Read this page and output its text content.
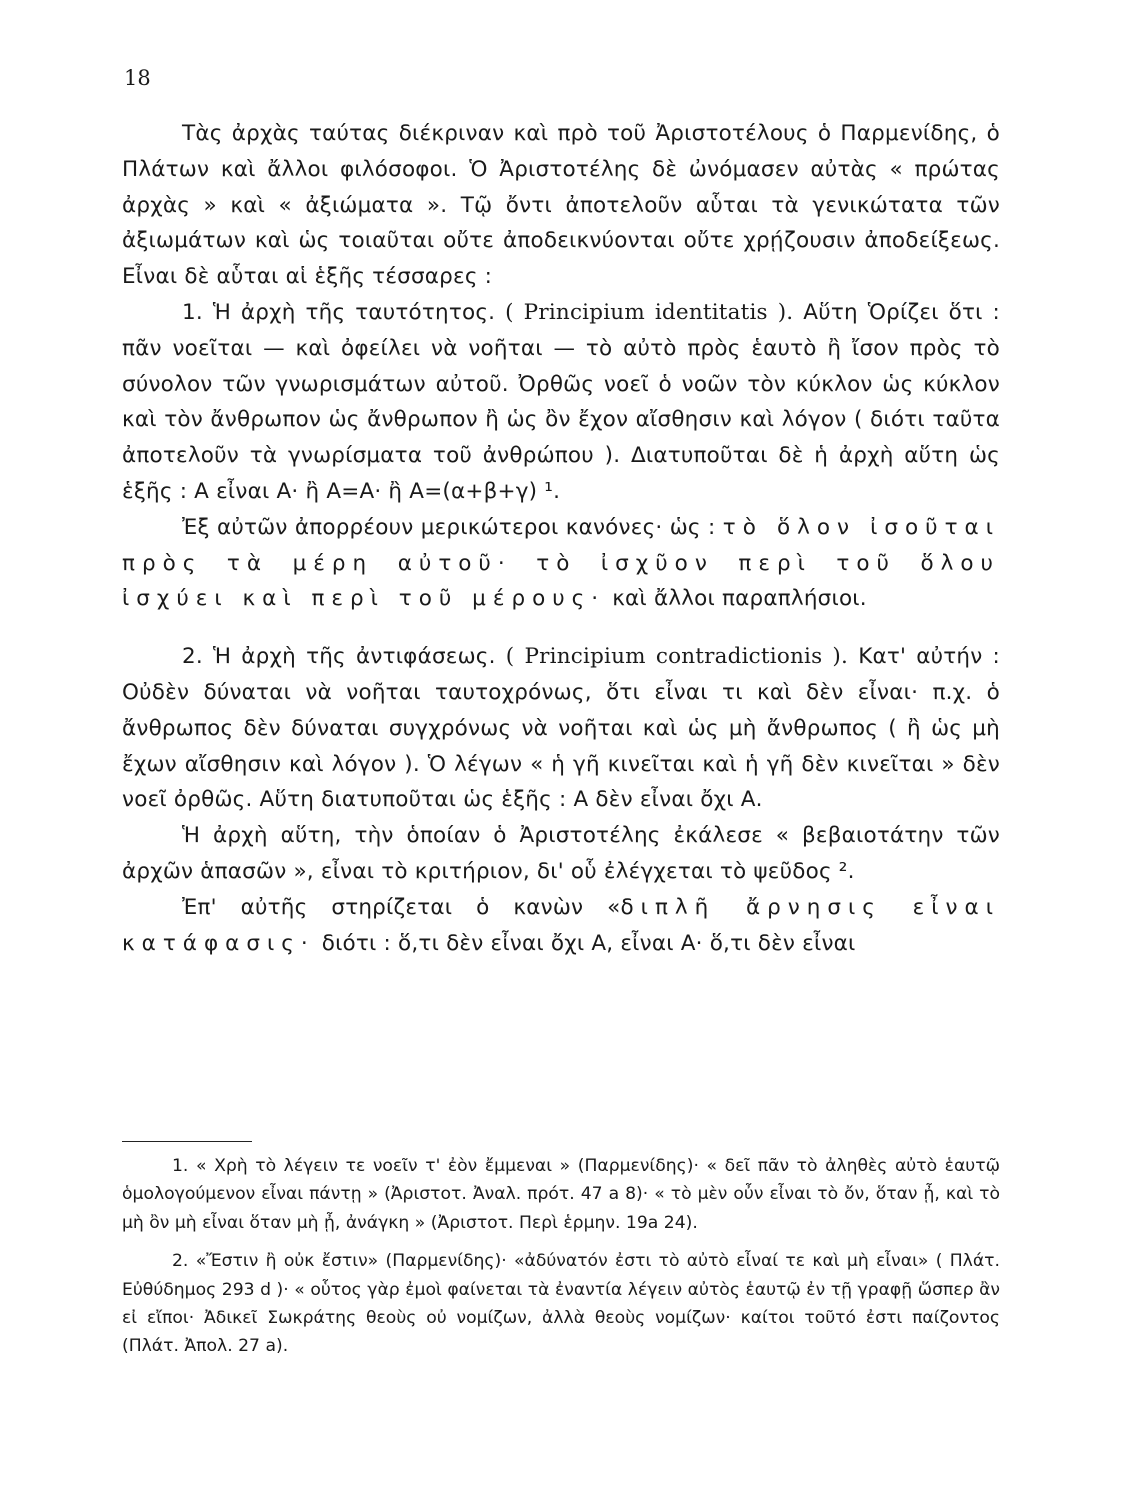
18

Τὰς ἀρχὰς ταύτας διέκριναν καὶ πρὸ τοῦ Ἀριστοτέλους ὁ Παρμενίδης, ὁ Πλάτων καὶ ἄλλοι φιλόσοφοι. Ὁ Ἀριστοτέλης δὲ ὠνόμασεν αὐτὰς « πρώτας ἀρχὰς » καὶ « ἀξιώματα ». Τῷ ὄντι ἀποτελοῦν αὗται τὰ γενικώτατα τῶν ἀξιωμάτων καὶ ὡς τοιαῦται οὔτε ἀποδεικνύονται οὔτε χρῄζουσιν ἀποδείξεως. Εἶναι δὲ αὗται αἱ ἑξῆς τέσσαρες :

1. Ἡ ἀρχὴ τῆς ταυτότητος. ( Principium identitatis ). Αὕτη Ὁρίζει ὅτι : πᾶν νοεῖται — καὶ ὀφείλει νὰ νοῆται — τὸ αὐτὸ πρὸς ἑαυτὸ ἢ ἴσον πρὸς τὸ σύνολον τῶν γνωρισμάτων αὐτοῦ. Ὀρθῶς νοεῖ ὁ νοῶν τὸν κύκλον ὡς κύκλον καὶ τὸν ἄνθρωπον ὡς ἄνθρωπον ἢ ὡς ὂν ἔχον αἴσθησιν καὶ λόγον ( διότι ταῦτα ἀποτελοῦν τὰ γνωρίσματα τοῦ ἀνθρώπου ). Διατυποῦται δὲ ἡ ἀρχὴ αὕτη ὡς ἑξῆς : Α εἶναι Α· ἢ Α=Α· ἢ Α=(α+β+γ) ¹.

Ἐξ αὐτῶν ἀπορρέουν μερικώτεροι κανόνες· ὡς : τὸ ὅλον ἰσοῦται πρὸς τὰ μέρη αὐτοῦ· τὸ ἰσχῦον περὶ τοῦ ὅλου ἰσχύει καὶ περὶ τοῦ μέρους· καὶ ἄλλοι παραπλήσιοι.

2. Ἡ ἀρχὴ τῆς ἀντιφάσεως. ( Principium contradictionis ). Κατ' αὐτήν : Οὐδὲν δύναται νὰ νοῆται ταυτοχρόνως, ὅτι εἶναι τι καὶ δὲν εἶναι· π.χ. ὁ ἄνθρωπος δὲν δύναται συγχρόνως νὰ νοῆται καὶ ὡς μὴ ἄνθρωπος ( ἢ ὡς μὴ ἔχων αἴσθησιν καὶ λόγον ). Ὁ λέγων « ἡ γῆ κινεῖται καὶ ἡ γῆ δὲν κινεῖται » δὲν νοεῖ ὀρθῶς. Αὕτη διατυποῦται ὡς ἑξῆς : Α δὲν εἶναι ὄχι Α.

Ἡ ἀρχὴ αὕτη, τὴν ὁποίαν ὁ Ἀριστοτέλης ἐκάλεσε « βεβαιοτάτην τῶν ἀρχῶν ἁπασῶν », εἶναι τὸ κριτήριον, δι' οὗ ἐλέγχεται τὸ ψεῦδος ².

Ἐπ' αὐτῆς στηρίζεται ὁ κανὼν «διπλῆ ἄρνησις εἶναι κατάφασις· διότι : ὅ,τι δὲν εἶναι ὄχι Α, εἶναι Α· ὅ,τι δὲν εἶναι

1. « Χρὴ τὸ λέγειν τε νοεῖν τ' ἐὸν ἔμμεναι » (Παρμενίδης)· « δεῖ πᾶν τὸ ἀληθὲς αὐτὸ ἑαυτῷ ὁμολογούμενον εἶναι πάντῃ » (Ἀριστοτ. Ἀναλ. πρότ. 47 a 8)· « τὸ μὲν οὖν εἶναι τὸ ὄν, ὅταν ᾖ, καὶ τὸ μὴ ὂν μὴ εἶναι ὅταν μὴ ᾖ, ἀνάγκη » (Ἀριστοτ. Περὶ ἑρμην. 19a 24).

2. «Ἔστιν ἢ οὐκ ἔστιν» (Παρμενίδης)· «ἀδύνατόν ἐστι τὸ αὐτὸ εἶναί τε καὶ μὴ εἶναι» ( Πλάτ. Εὐθύδημος 293 d )· « οὗτος γὰρ ἐμοὶ φαίνεται τὰ ἐναντία λέγειν αὐτὸς ἑαυτῷ ἐν τῇ γραφῇ ὥσπερ ἂν εἰ εἴποι· Ἀδικεῖ Σωκράτης θεοὺς οὐ νομίζων, ἀλλὰ θεοὺς νομίζων· καίτοι τοῦτό ἐστι παίζοντος (Πλάτ. Ἀπολ. 27 a).
